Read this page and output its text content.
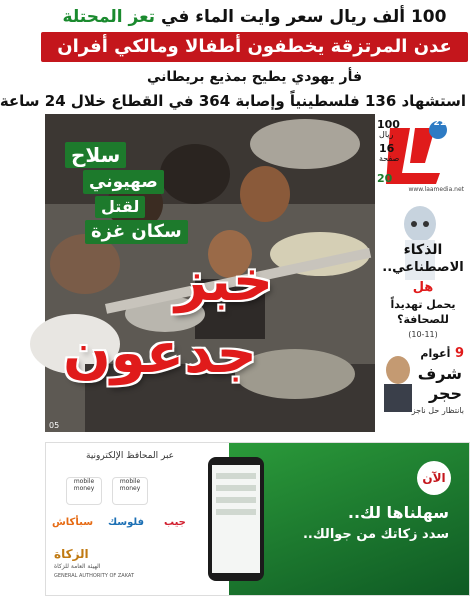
100 ألف ريال سعر وايت الماء في تعز المحتلة
عدن المرتزقة يخطفون أطفالا ومالكي أفران
فأر يهودي يطيح بمذيع بريطاني
استشهاد 136 فلسطينياً وإصابة 364 في القطاع خلال 24 ساعة
سلاح
صهيوني
لقتل
سكان غزة
خبز
جدعون
05
21
www.laamedia.net
100
ريال
16
صفحة
20
الذكاء
الاصطناعي..
هل
يحمل تهديداً
للصحافة؟
(10-11)
9 أعوام
شرف
حجر
بانتظار حل ناجز
الآن
سهلناها لك..
سدد زكاتك من جوالك..
عبر المحافظ الإلكترونية
mobile money
mobile money
سبأكاش فلوسك جيب
الزكاة
الهيئة العامة للزكاة
GENERAL AUTHORITY OF ZAKAT
